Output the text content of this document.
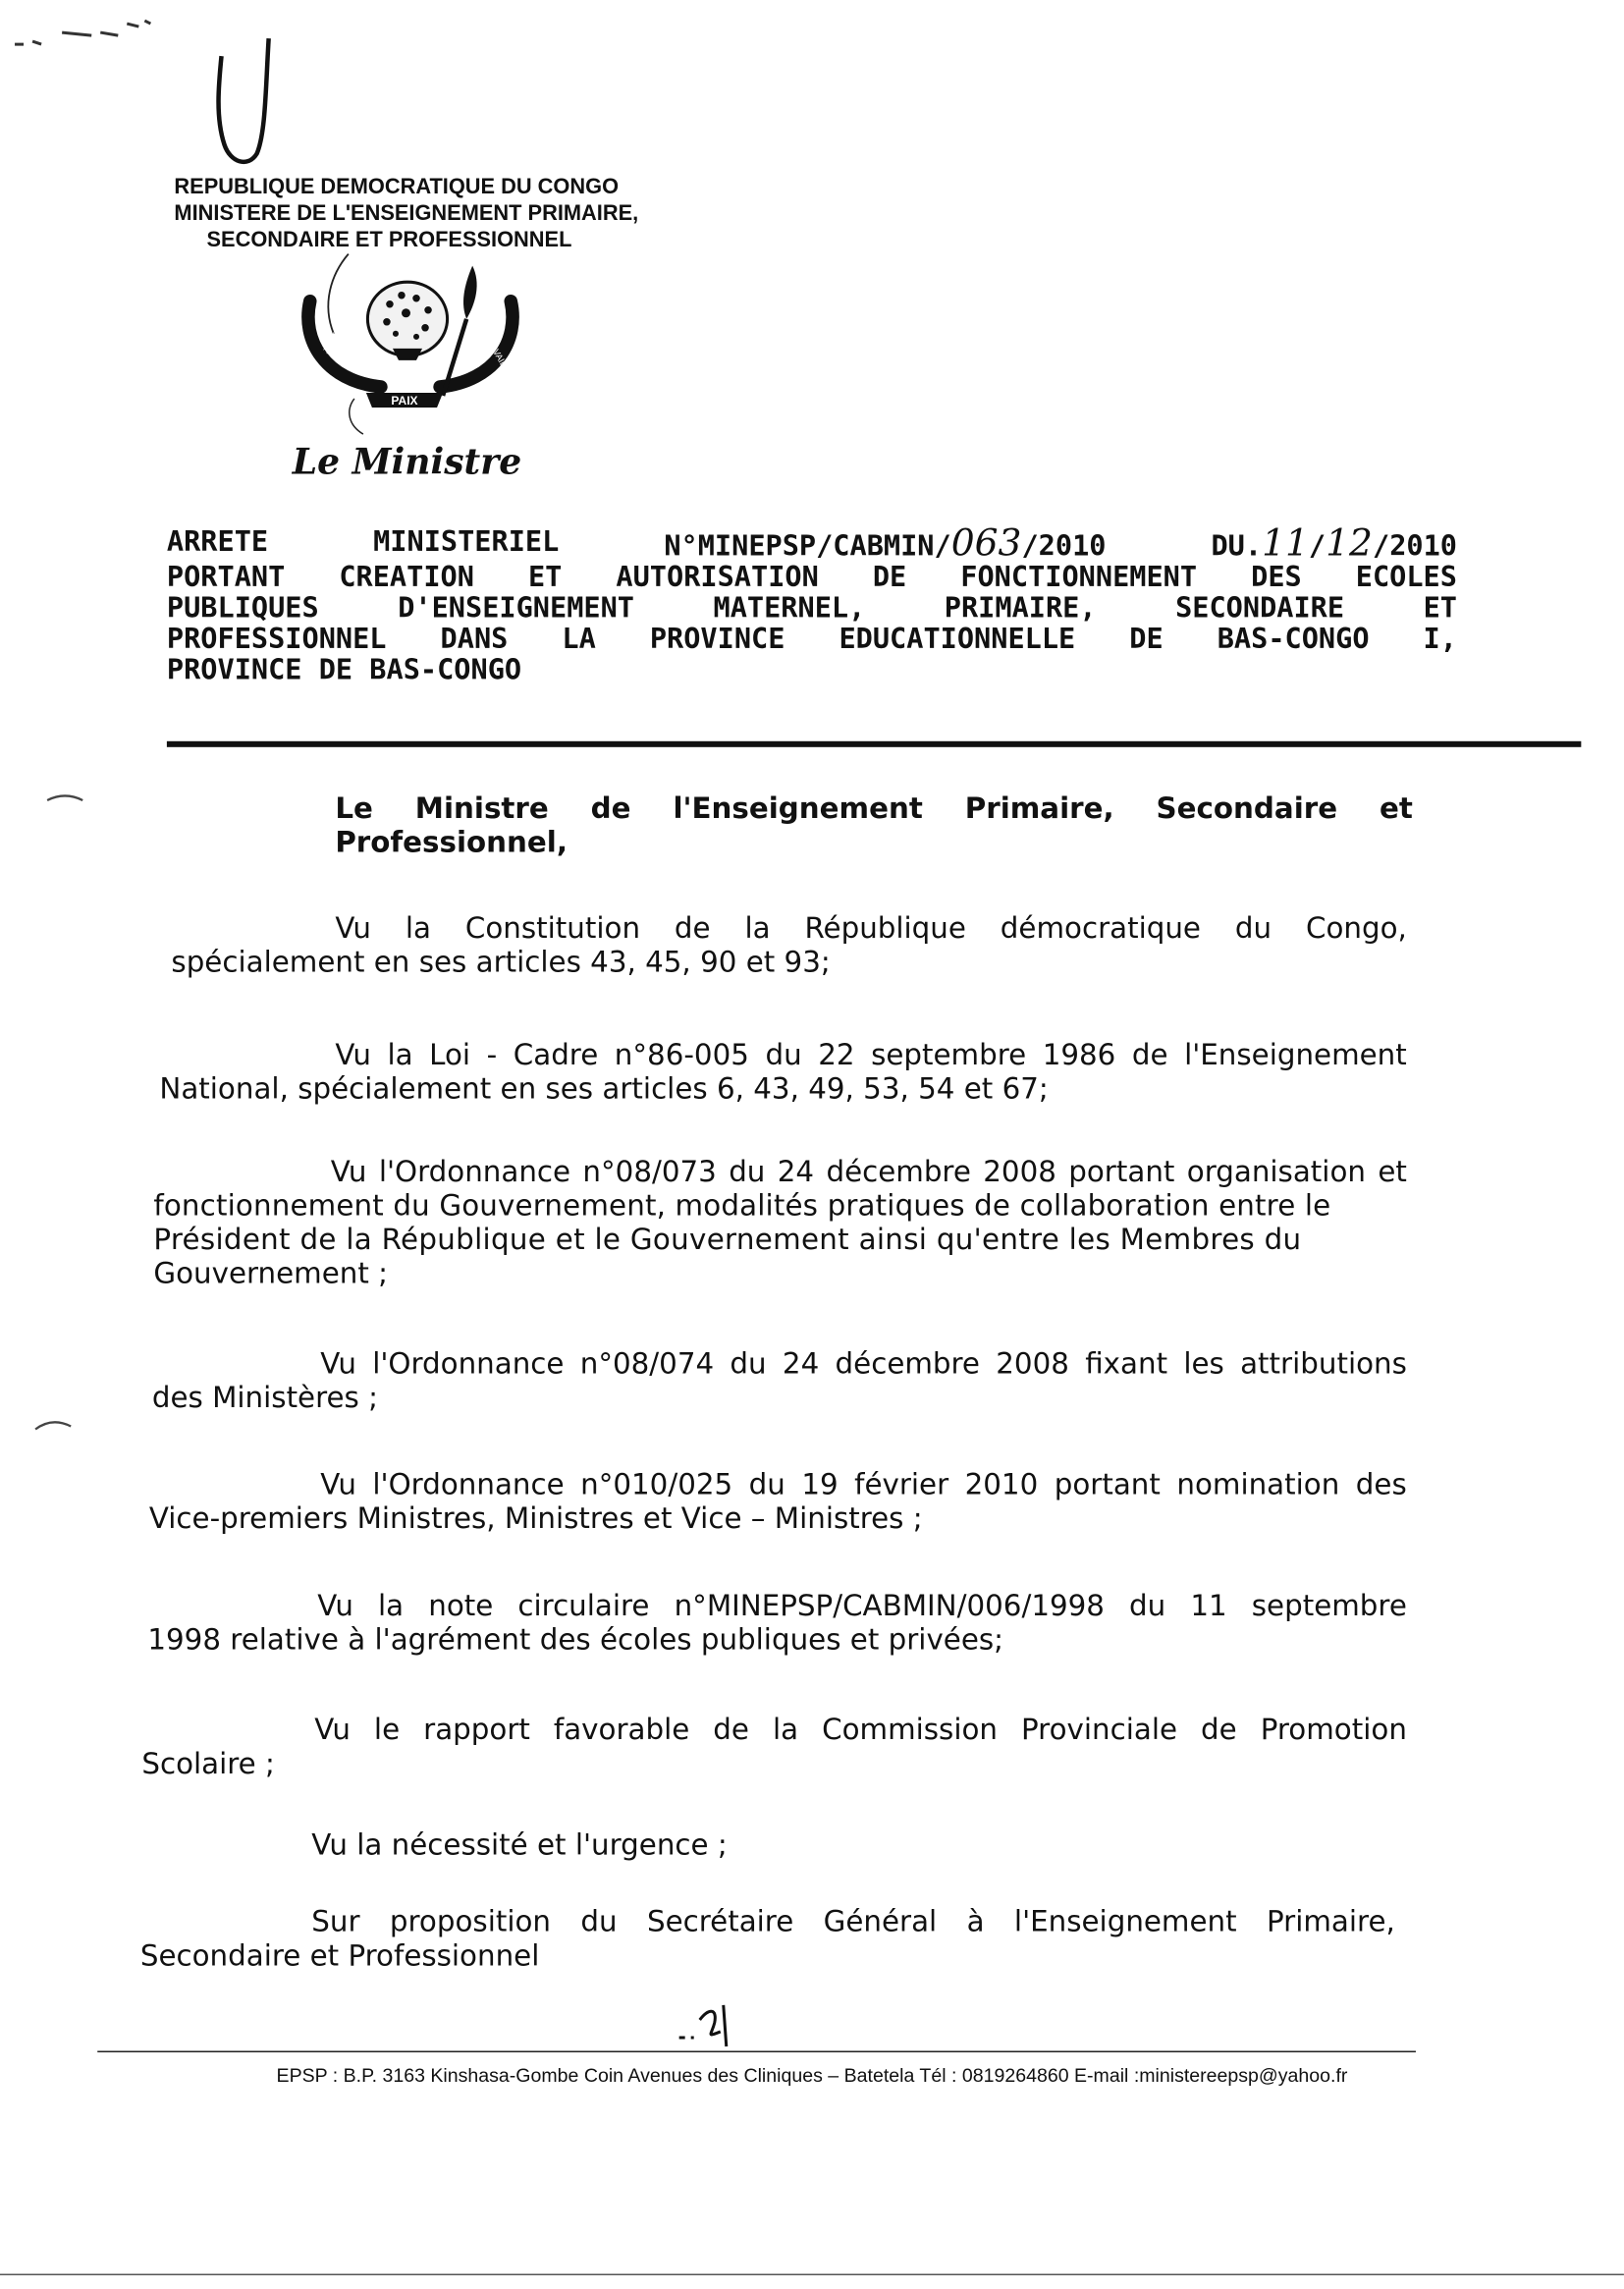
REPUBLIQUE DEMOCRATIQUE DU CONGO
MINISTERE DE L'ENSEIGNEMENT PRIMAIRE,
SECONDAIRE ET PROFESSIONNEL
PAIX
JUSTICE	TRAVAIL
Le Ministre
ARRETE	MINISTERIEL	N°MINEPSP/CABMIN/063/2010	DU.11/12/2010
PORTANT	CREATION	ET	AUTORISATION	DE	FONCTIONNEMENT	DES	ECOLES
PUBLIQUES	D'ENSEIGNEMENT	MATERNEL,	PRIMAIRE,	SECONDAIRE	ET
PROFESSIONNEL	DANS	LA	PROVINCE	EDUCATIONNELLE	DE	BAS-CONGO	I,
PROVINCE DE BAS-CONGO
Le Ministre de l'Enseignement Primaire, Secondaire et
Professionnel,
Vu la Constitution de la République démocratique du Congo,
spécialement en ses articles 43, 45, 90 et 93;
Vu la Loi - Cadre n°86-005 du 22 septembre 1986 de l'Enseignement
National, spécialement en ses articles 6, 43, 49, 53, 54 et 67;
Vu l'Ordonnance n°08/073 du 24 décembre 2008 portant organisation et
fonctionnement du Gouvernement, modalités pratiques de collaboration entre le
Président de la République et le Gouvernement ainsi qu'entre les Membres du
Gouvernement ;
Vu l'Ordonnance n°08/074 du 24 décembre 2008 fixant les attributions
des Ministères ;
Vu l'Ordonnance n°010/025 du 19 février 2010 portant nomination des
Vice-premiers Ministres, Ministres et Vice – Ministres ;
Vu la note circulaire n°MINEPSP/CABMIN/006/1998 du 11 septembre
1998 relative à l'agrément des écoles publiques et privées;
Vu le rapport favorable de la Commission Provinciale de Promotion
Scolaire ;
Vu la nécessité et l'urgence ;
Sur proposition du Secrétaire Général à l'Enseignement Primaire,
Secondaire et Professionnel
EPSP : B.P. 3163 Kinshasa-Gombe Coin Avenues des Cliniques – Batetela Tél : 0819264860 E-mail :ministereepsp@yahoo.fr
